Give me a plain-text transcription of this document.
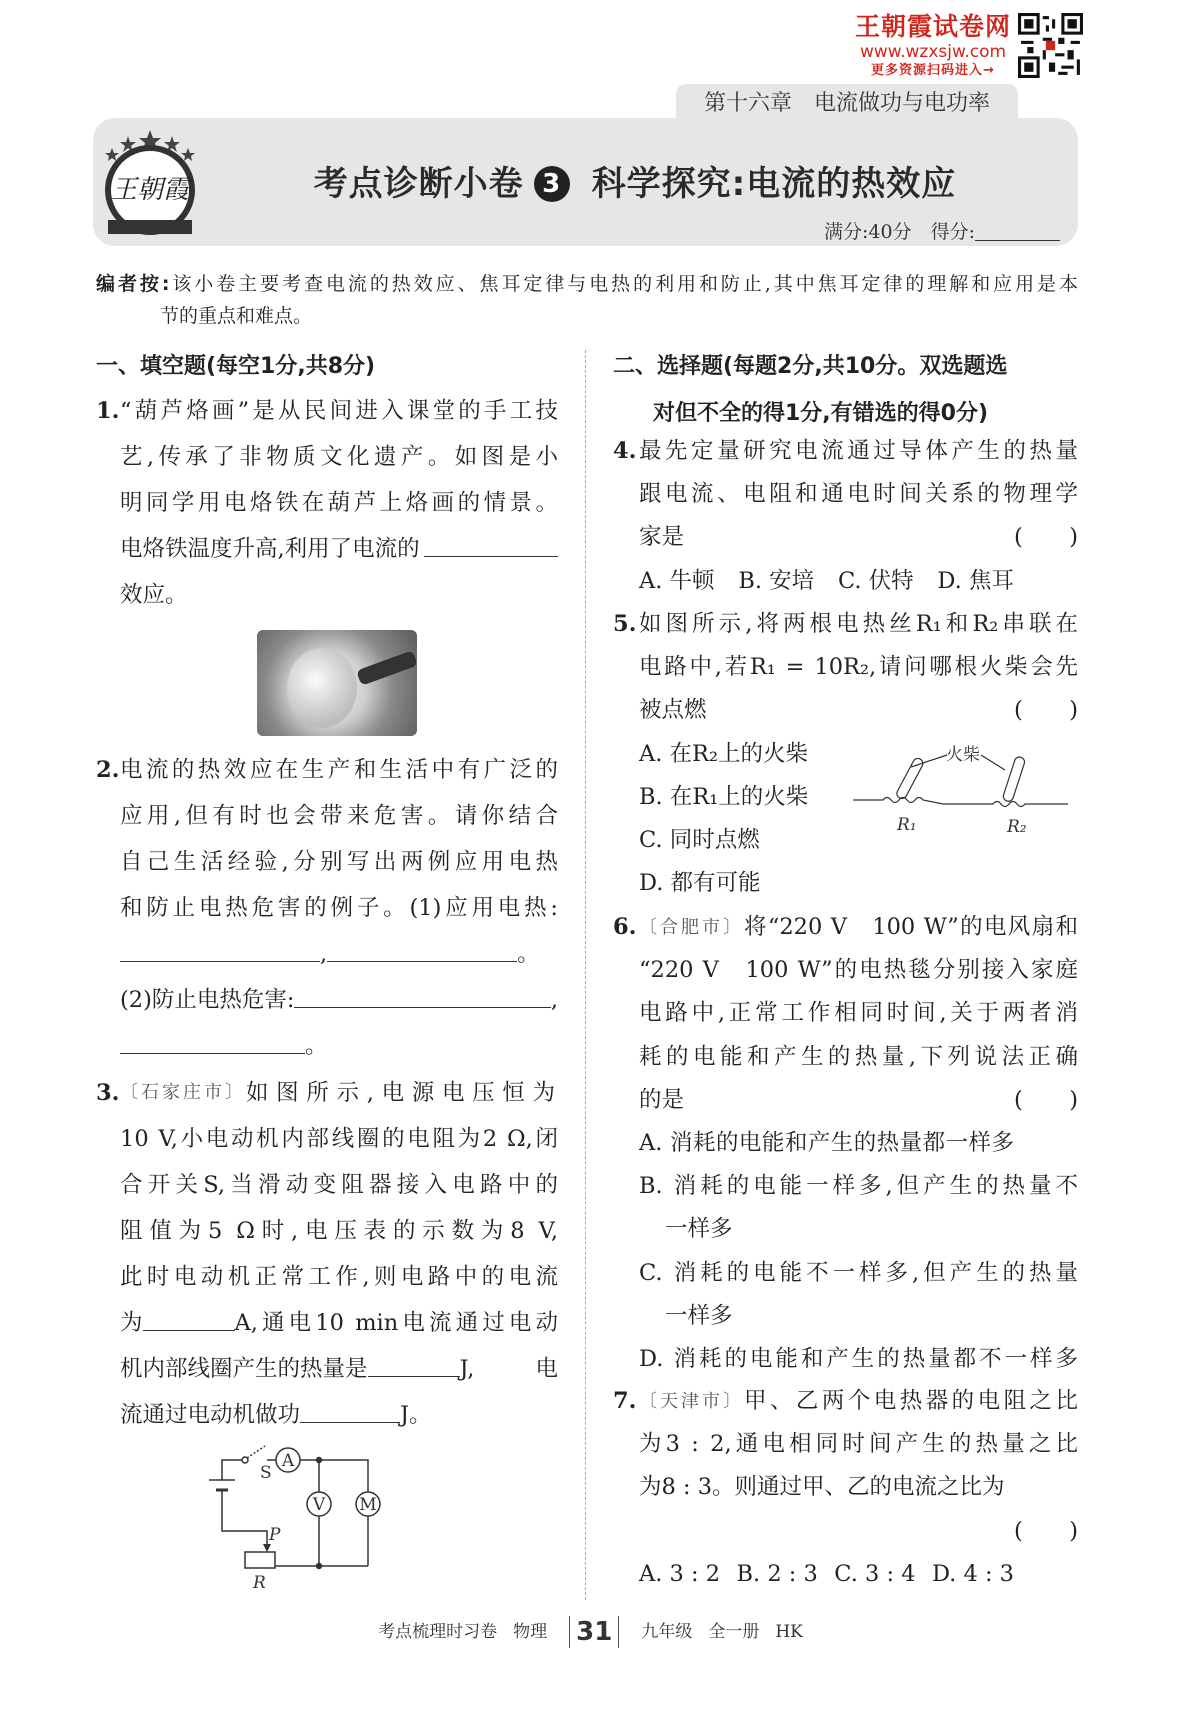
王朝霞试卷网
www.wzxsjw.com
更多资源扫码进入→
第十六章　电流做功与电功率
王朝霞	考点诊断小卷 3 科学探究:电流的热效应
满分:40分　 得分:
编者按:该小卷主要考查电流的热效应、焦耳定律与电热的利用和防止,其中焦耳定律的理解和应用是本
节的重点和难点。
一、填空题(每空1分,共8分)
1. “葫芦烙画”是从民间进入课堂的手工技
艺,传承了非物质文化遗产。如图是小
明同学用电烙铁在葫芦上烙画的情景。
电烙铁温度升高,利用了电流的
效应。
2. 电流的热效应在生产和生活中有广泛的
应用,但有时也会带来危害。请你结合
自己生活经验,分别写出两例应用电热
和防止电热危害的例子。(1)应用电热:
,	。
(2)防止电热危害:	,
。
3. 〔石家庄市〕 如图所示,电源电压恒为
10 V,小电动机内部线圈的电阻为2 Ω,闭
合开关S,当滑动变阻器接入电路中的
阻值为5 Ω时,电压表的示数为8 V,
此时电动机正常工作,则电路中的电流
为	A,通电10 min电流通过电动
机内部线圈产生的热量是	J,电
流通过电动机做功	J。
S
A
V M
P
R
二、选择题(每题2分,共10分。双选题选
对但不全的得1分,有错选的得0分)
4. 最先定量研究电流通过导体产生的热量
跟电流、电阻和通电时间关系的物理学
家是	( )
A. 牛顿 B. 安培 C. 伏特 D. 焦耳
5. 如图所示,将两根电热丝R₁和R₂串联在
电路中,若R₁ = 10R₂,请问哪根火柴会先
被点燃	( )
A. 在R₂上的火柴
B. 在R₁上的火柴
C. 同时点燃
D. 都有可能
火柴
R₁	R₂
6. 〔合肥市〕 将“220 V　100 W”的电风扇和
“220 V　100 W”的电热毯分别接入家庭
电路中,正常工作相同时间,关于两者消
耗的电能和产生的热量,下列说法正确
的是	( )
A. 消耗的电能和产生的热量都一样多
B. 消耗的电能一样多,但产生的热量不
一样多
C. 消耗的电能不一样多,但产生的热量
一样多
D. 消耗的电能和产生的热量都不一样多
7. 〔天津市〕 甲、乙两个电热器的电阻之比
为3 : 2,通电相同时间产生的热量之比
为8 : 3。则通过甲、乙的电流之比为
( )
A. 3 : 2 B. 2 : 3 C. 3 : 4 D. 4 : 3
考点梳理时习卷 物理 31 九年级 全一册 HK
